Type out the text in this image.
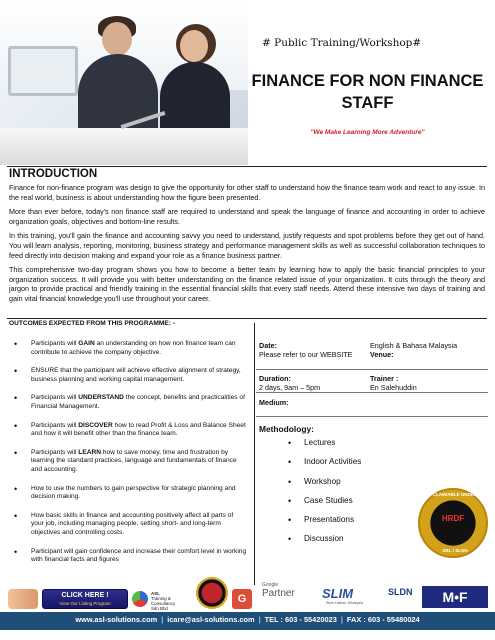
# Public Training/Workshop#
FINANCE FOR NON FINANCE
STAFF
"We Make Learning More Adventure"
INTRODUCTION

Finance for non-finance program was design to give the opportunity for other staff to understand how the finance team work and react to any issue. In the real world, business is about understanding how the figure been presented.

More than ever before, today's non finance staff are required to understand and speak the language of finance and accounting in order to achieve organization goals, objectives and bottom-line results.

In this training, you'll gain the finance and accounting savvy you need to understand, justify requests and spot problems before they get out of hand. You will learn analysis, reporting, monitoring, business strategy and performance management skills as well as successful collaboration techniques to feed directly into decision making and expand your role as a finance business partner.

This comprehensive two-day program shows you how to become a better team by learning how to apply the basic financial principles to your organization success. It will provide you with better understanding on the finance related issue of your organization. It cuts through the theory and jargon to provide practical and friendly training in the essential financial skills that every staff needs. Attend these intensive two days of training and gain vital financial knowledge you'll use throughout your career.

OUTCOMES EXPECTED FROM THIS PROGRAMME: -
• Participants will GAIN an understanding on how non finance team can contribute to achieve the company objective.
• ENSURE that the participant will achieve effective alignment of strategy, business planning and working capital management.
• Participants will UNDERSTAND the concept, benefits and practicalities of Financial Management.
• Participants will DISCOVER how to read Profit & Loss and Balance Sheet and how it will benefit other than the finance team.
• Participants will LEARN how to save money, time and frustration by learning the standard practices, language and fundamentals of finance and accounting.
• How to use the numbers to gain perspective for strategic planning and decision making.
• How basic skills in finance and accounting positively affect all parts of your job, including managing people, setting short- and long-term objectives and controlling costs.
• Participant will gain confidence and increase their comfort level in working with financial facts and figures
Date:
Please refer to our WEBSITE
English & Bahasa Malaysia
Venue:
Duration:
2 days, 9am – 5pm
Trainer :
En Salehuddin
Medium:
Methodology:
• Lectures
• Indoor Activities
• Workshop
• Case Studies
• Presentations
• Discussion
CLAIMABLE UNDER
HRDF
SBL / SLDN
CLICK HERE !
View Our Listing Program
ASL
Training & Consultancy
Sdn Bhd
G
Google
Partner SLIM
Skim Latihan 1Malaysia
SLDN	M•F
www.asl-solutions.com | icare@asl-solutions.com | TEL : 603 - 55420023 | FAX : 603 - 55480024
